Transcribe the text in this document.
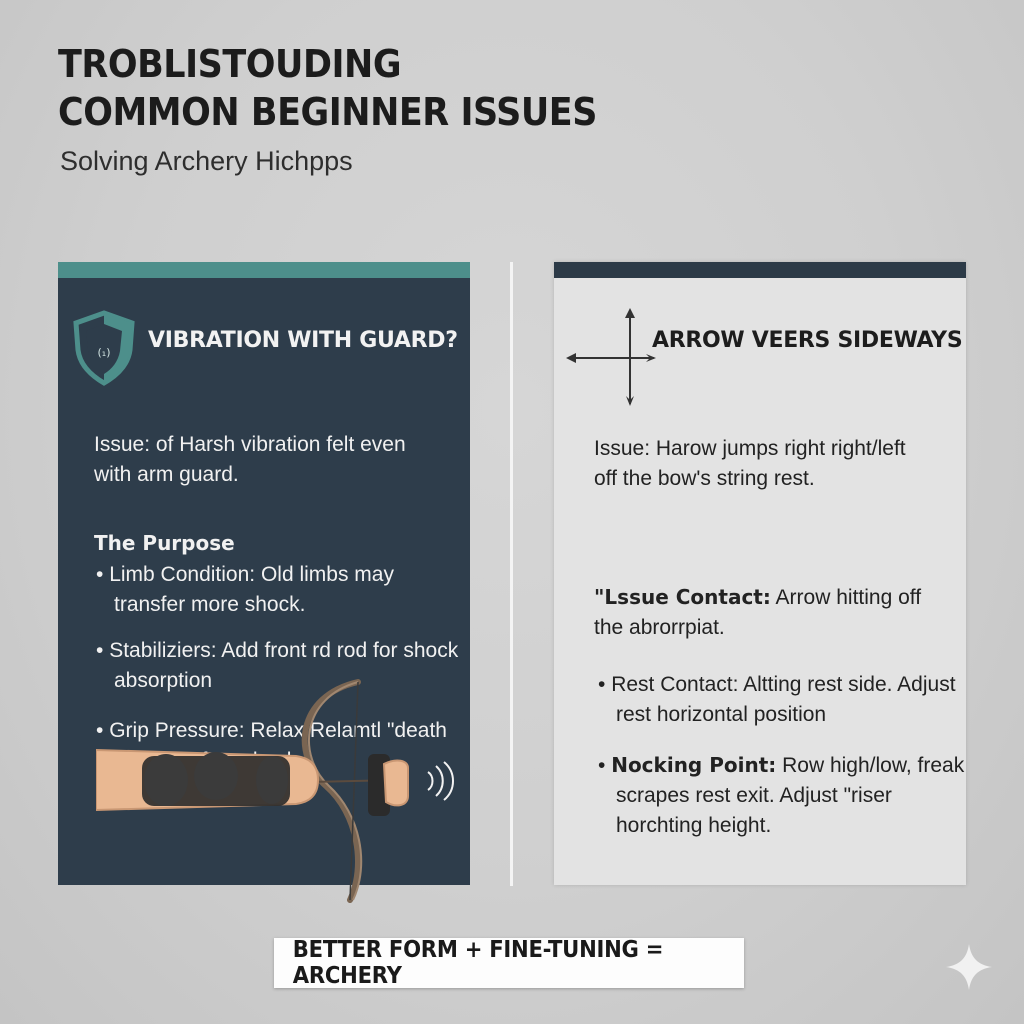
TROBLISTOUDING
COMMON BEGINNER ISSUES

Solving Archery Hichpps

(₁) VIBRATION WITH GUARD?

Issue: of Harsh vibration felt even with arm guard.

The Purpose

• Limb Condition: Old limbs may transfer more shock.

• Stabiliziers: Add front rd rod for shock absorption

• Grip Pressure: Relax Relamtl "death

ARROW VEERS SIDEWAYS

Issue: Harow jumps right right/left off the bow's string rest.

"Lssue Contact: Arrow hitting off the abrorrpiat.

• Rest Contact: Altting rest side. Adjust rest horizontal position

• Nocking Point: Row high/low, freak scrapes rest exit. Adjust "riser horchting height.

BETTER FORM + FINE-TUNING = ARCHERY
